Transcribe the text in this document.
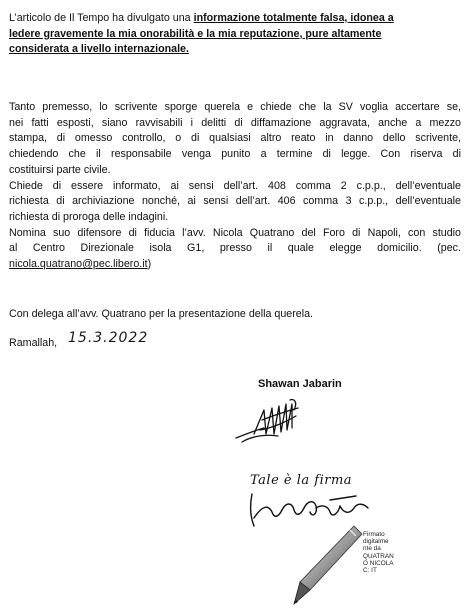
L’articolo de Il Tempo ha divulgato una informazione totalmente falsa, idonea a
ledere gravemente la mia onorabilità e la mia reputazione, pure altamente
considerata a livello internazionale.
Tanto premesso, lo scrivente sporge querela e chiede che la SV voglia accertare se,
nei fatti esposti, siano ravvisabili i delitti di diffamazione aggravata, anche a mezzo
stampa, di omesso controllo, o di qualsiasi altro reato in danno dello scrivente,
chiedendo che il responsabile venga punito a termine di legge. Con riserva di
costituirsi parte civile.
Chiede di essere informato, ai sensi dell’art. 408 comma 2 c.p.p., dell’eventuale
richiesta di archiviazione nonché, ai sensi dell’art. 406 comma 3 c.p.p., dell’eventuale
richiesta di proroga delle indagini.
Nomina suo difensore di fiducia l’avv. Nicola Quatrano del Foro di Napoli, con studio
al Centro Direzionale isola G1, presso il quale elegge domicilio. (pec.
nicola.quatrano@pec.libero.it)
Con delega all’avv. Quatrano per la presentazione della querela.
Ramallah, 15.3.2022
Shawan Jabarin
Tale è la firma
Firmato
digitalme
nte da
QUATRAN
O NICOLA
C: IT
